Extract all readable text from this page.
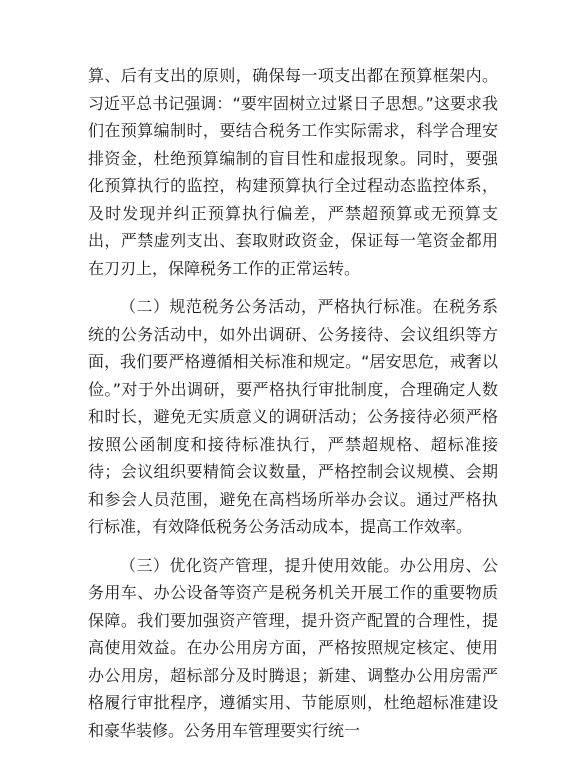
算、后有支出的原则，确保每一项支出都在预算框架内。习近平总书记强调：“要牢固树立过紧日子思想。”这要求我们在预算编制时，要结合税务工作实际需求，科学合理安排资金，杜绝预算编制的盲目性和虚报现象。同时，要强化预算执行的监控，构建预算执行全过程动态监控体系，及时发现并纠正预算执行偏差，严禁超预算或无预算支出，严禁虚列支出、套取财政资金，保证每一笔资金都用在刀刃上，保障税务工作的正常运转。

（二）规范税务公务活动，严格执行标准。在税务系统的公务活动中，如外出调研、公务接待、会议组织等方面，我们要严格遵循相关标准和规定。“居安思危，戒奢以俭。”对于外出调研，要严格执行审批制度，合理确定人数和时长，避免无实质意义的调研活动；公务接待必须严格按照公函制度和接待标准执行，严禁超规格、超标准接待；会议组织要精简会议数量，严格控制会议规模、会期和参会人员范围，避免在高档场所举办会议。通过严格执行标准，有效降低税务公务活动成本，提高工作效率。

（三）优化资产管理，提升使用效能。办公用房、公务用车、办公设备等资产是税务机关开展工作的重要物质保障。我们要加强资产管理，提升资产配置的合理性，提高使用效益。在办公用房方面，严格按照规定核定、使用办公用房，超标部分及时腾退；新建、调整办公用房需严格履行审批程序，遵循实用、节能原则，杜绝超标准建设和豪华装修。公务用车管理要实行统一
